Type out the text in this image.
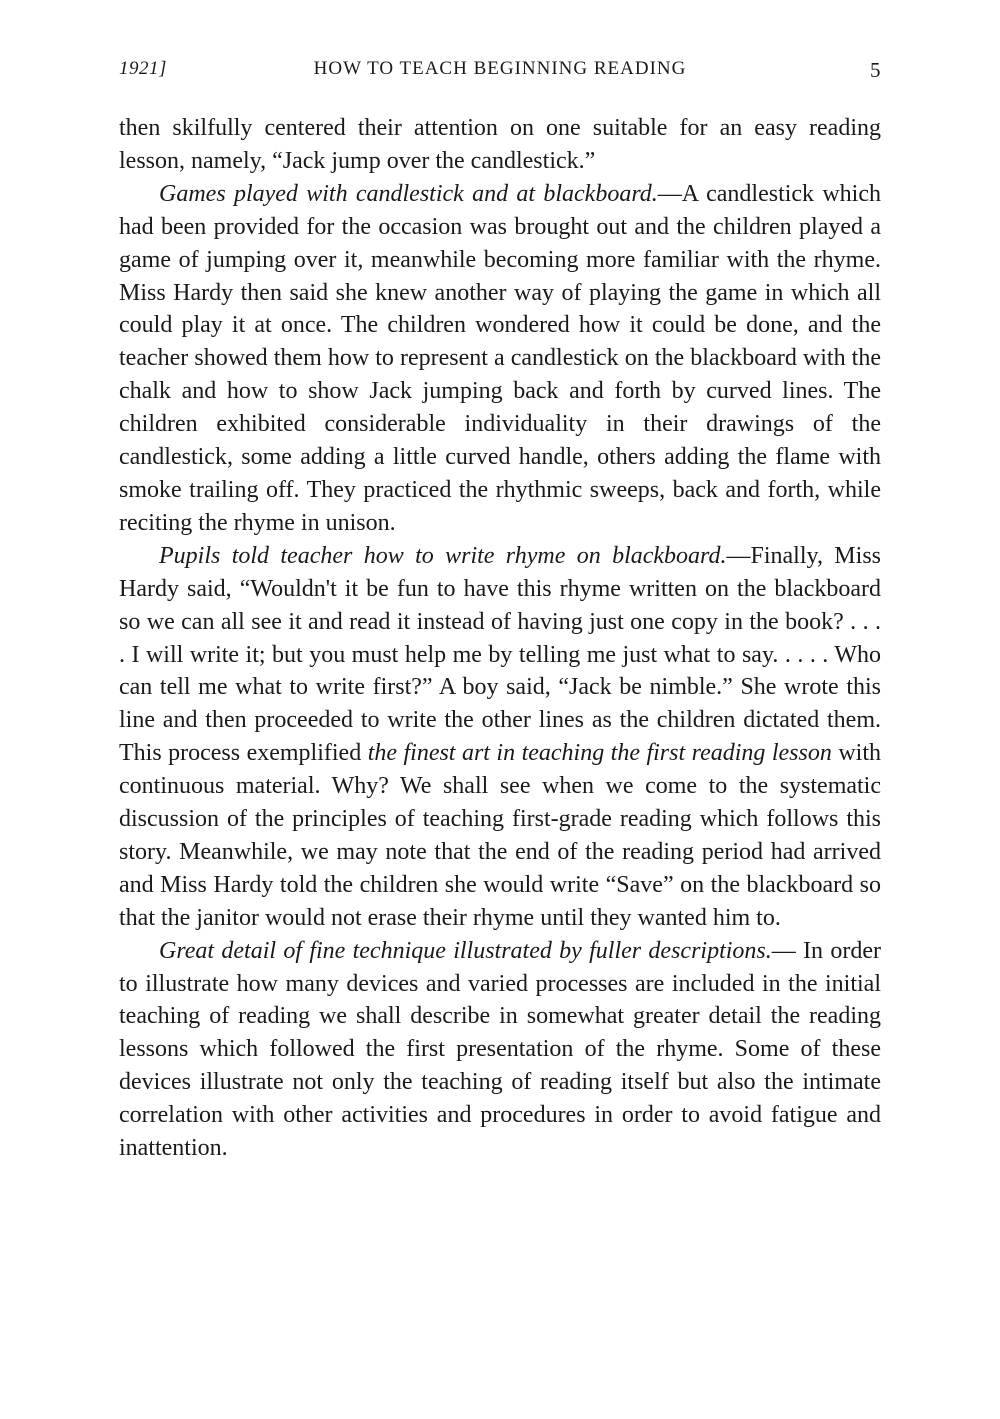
1921]	HOW TO TEACH BEGINNING READING	5

then skilfully centered their attention on one suitable for an easy reading lesson, namely, “Jack jump over the candlestick.”

Games played with candlestick and at blackboard.—A candlestick which had been provided for the occasion was brought out and the children played a game of jumping over it, meanwhile becoming more familiar with the rhyme. Miss Hardy then said she knew another way of playing the game in which all could play it at once. The children wondered how it could be done, and the teacher showed them how to represent a candlestick on the blackboard with the chalk and how to show Jack jumping back and forth by curved lines. The children exhibited considerable individuality in their drawings of the candlestick, some adding a little curved handle, others adding the flame with smoke trailing off. They practiced the rhythmic sweeps, back and forth, while reciting the rhyme in unison.

Pupils told teacher how to write rhyme on blackboard.—Finally, Miss Hardy said, “Wouldn't it be fun to have this rhyme written on the blackboard so we can all see it and read it instead of having just one copy in the book? . . . . I will write it; but you must help me by telling me just what to say. . . . . Who can tell me what to write first?” A boy said, “Jack be nimble.” She wrote this line and then proceeded to write the other lines as the children dictated them. This process exemplified the finest art in teaching the first reading lesson with continuous material. Why? We shall see when we come to the systematic discussion of the principles of teaching first-grade reading which follows this story. Meanwhile, we may note that the end of the reading period had arrived and Miss Hardy told the children she would write “Save” on the blackboard so that the janitor would not erase their rhyme until they wanted him to.

Great detail of fine technique illustrated by fuller descriptions.— In order to illustrate how many devices and varied processes are included in the initial teaching of reading we shall describe in somewhat greater detail the reading lessons which followed the first presentation of the rhyme. Some of these devices illustrate not only the teaching of reading itself but also the intimate correlation with other activities and procedures in order to avoid fatigue and inattention.
